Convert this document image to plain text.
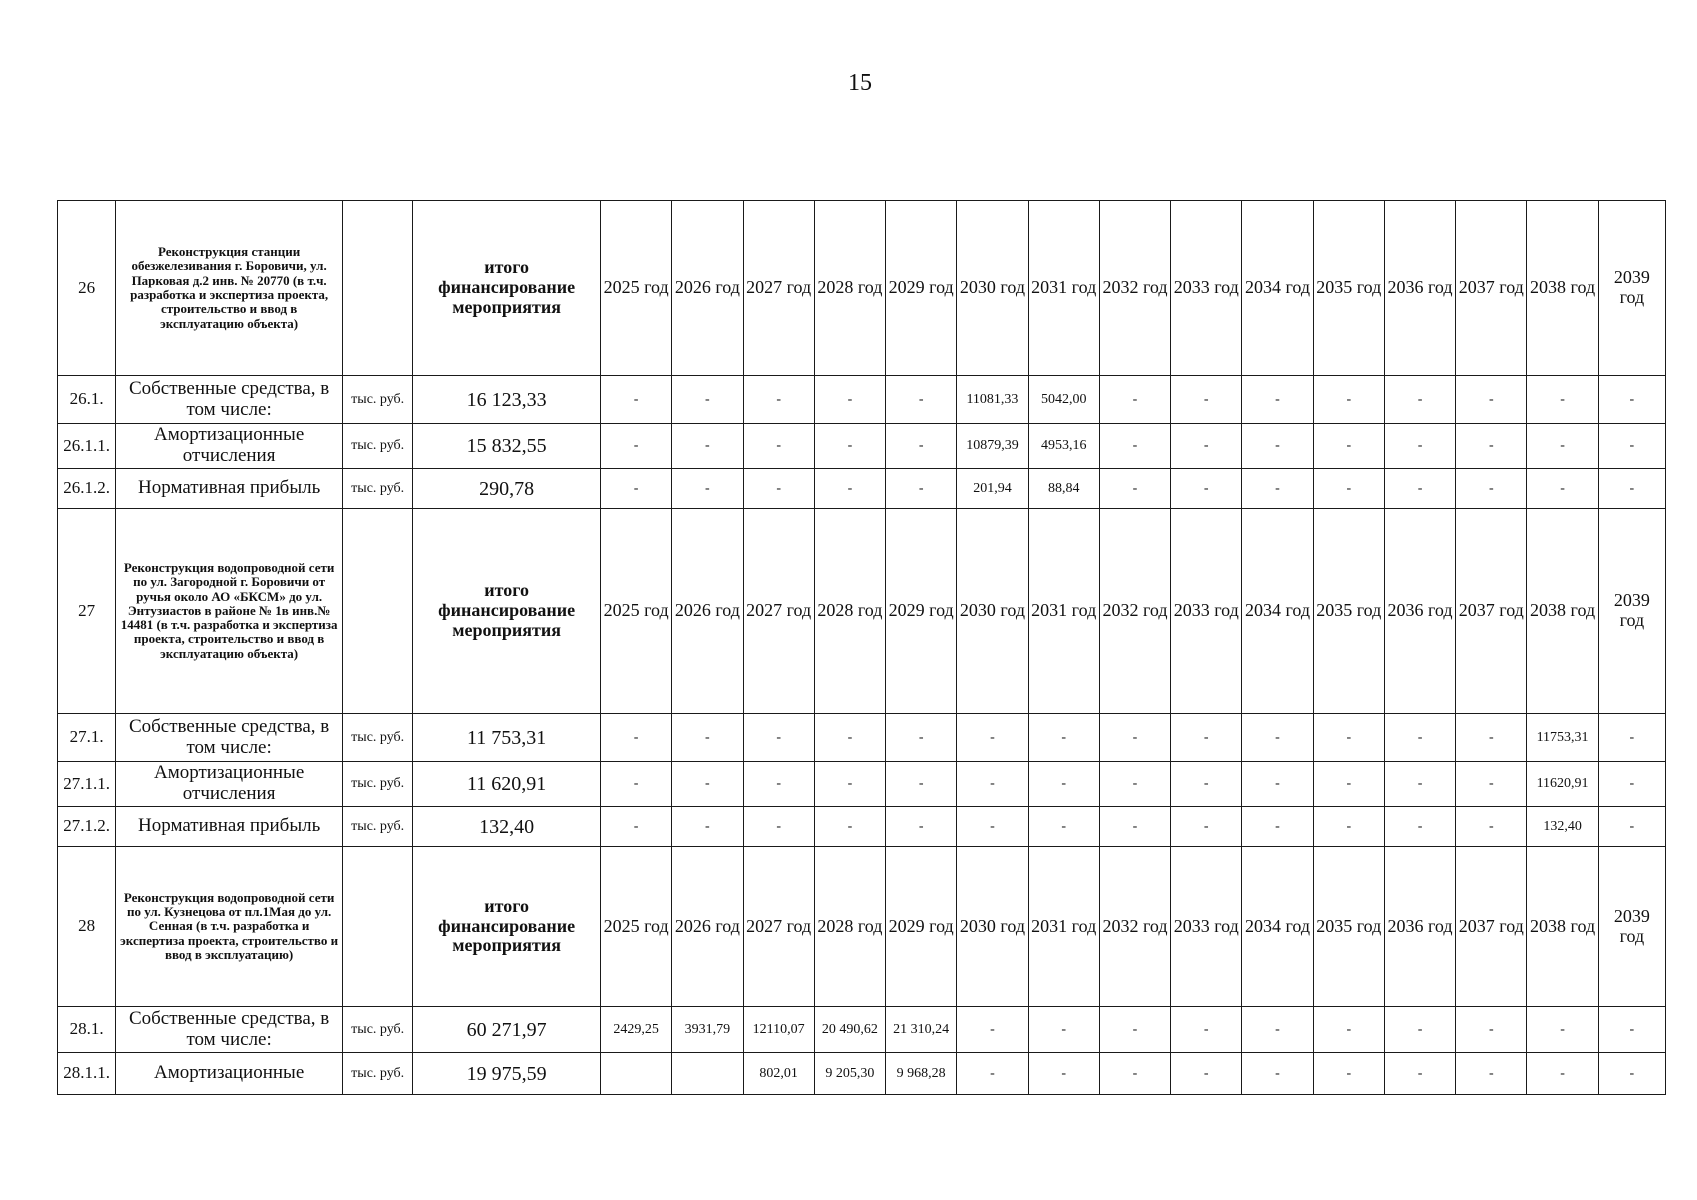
15
26	Реконструкция станции обезжелезивания г. Боровичи, ул. Парковая д.2 инв. № 20770 (в т.ч. разработка и экспертиза проекта, строительство и ввод в эксплуатацию объекта)		итого финансирование мероприятия	2025 год	2026 год	2027 год	2028 год	2029 год	2030 год	2031 год	2032 год	2033 год	2034 год	2035 год	2036 год	2037 год	2038 год	2039 год
26.1.	Собственные средства, в том числе:	тыс. руб.	16 123,33	-	-	-	-	-	11081,33	5042,00	-	-	-	-	-	-	-	-
26.1.1.	Амортизационные отчисления	тыс. руб.	15 832,55	-	-	-	-	-	10879,39	4953,16	-	-	-	-	-	-	-	-
26.1.2.	Нормативная прибыль	тыс. руб.	290,78	-	-	-	-	-	201,94	88,84	-	-	-	-	-	-	-	-
27	Реконструкция водопроводной сети по ул. Загородной г. Боровичи от ручья около АО «БКСМ» до ул. Энтузиастов в районе № 1в инв.№ 14481 (в т.ч. разработка и экспертиза проекта, строительство и ввод в эксплуатацию объекта)		итого финансирование мероприятия	2025 год	2026 год	2027 год	2028 год	2029 год	2030 год	2031 год	2032 год	2033 год	2034 год	2035 год	2036 год	2037 год	2038 год	2039 год
27.1.	Собственные средства, в том числе:	тыс. руб.	11 753,31	-	-	-	-	-	-	-	-	-	-	-	-	-	11753,31	-
27.1.1.	Амортизационные отчисления	тыс. руб.	11 620,91	-	-	-	-	-	-	-	-	-	-	-	-	-	11620,91	-
27.1.2.	Нормативная прибыль	тыс. руб.	132,40	-	-	-	-	-	-	-	-	-	-	-	-	-	132,40	-
28	Реконструкция водопроводной сети по ул. Кузнецова от пл.1Мая до ул. Сенная (в т.ч. разработка и экспертиза проекта, строительство и ввод в эксплуатацию)		итого финансирование мероприятия	2025 год	2026 год	2027 год	2028 год	2029 год	2030 год	2031 год	2032 год	2033 год	2034 год	2035 год	2036 год	2037 год	2038 год	2039 год
28.1.	Собственные средства, в том числе:	тыс. руб.	60 271,97	2429,25	3931,79	12110,07	20 490,62	21 310,24	-	-	-	-	-	-	-	-	-	-
28.1.1.	Амортизационные	тыс. руб.	19 975,59			802,01	9 205,30	9 968,28	-	-	-	-	-	-	-	-	-	-
